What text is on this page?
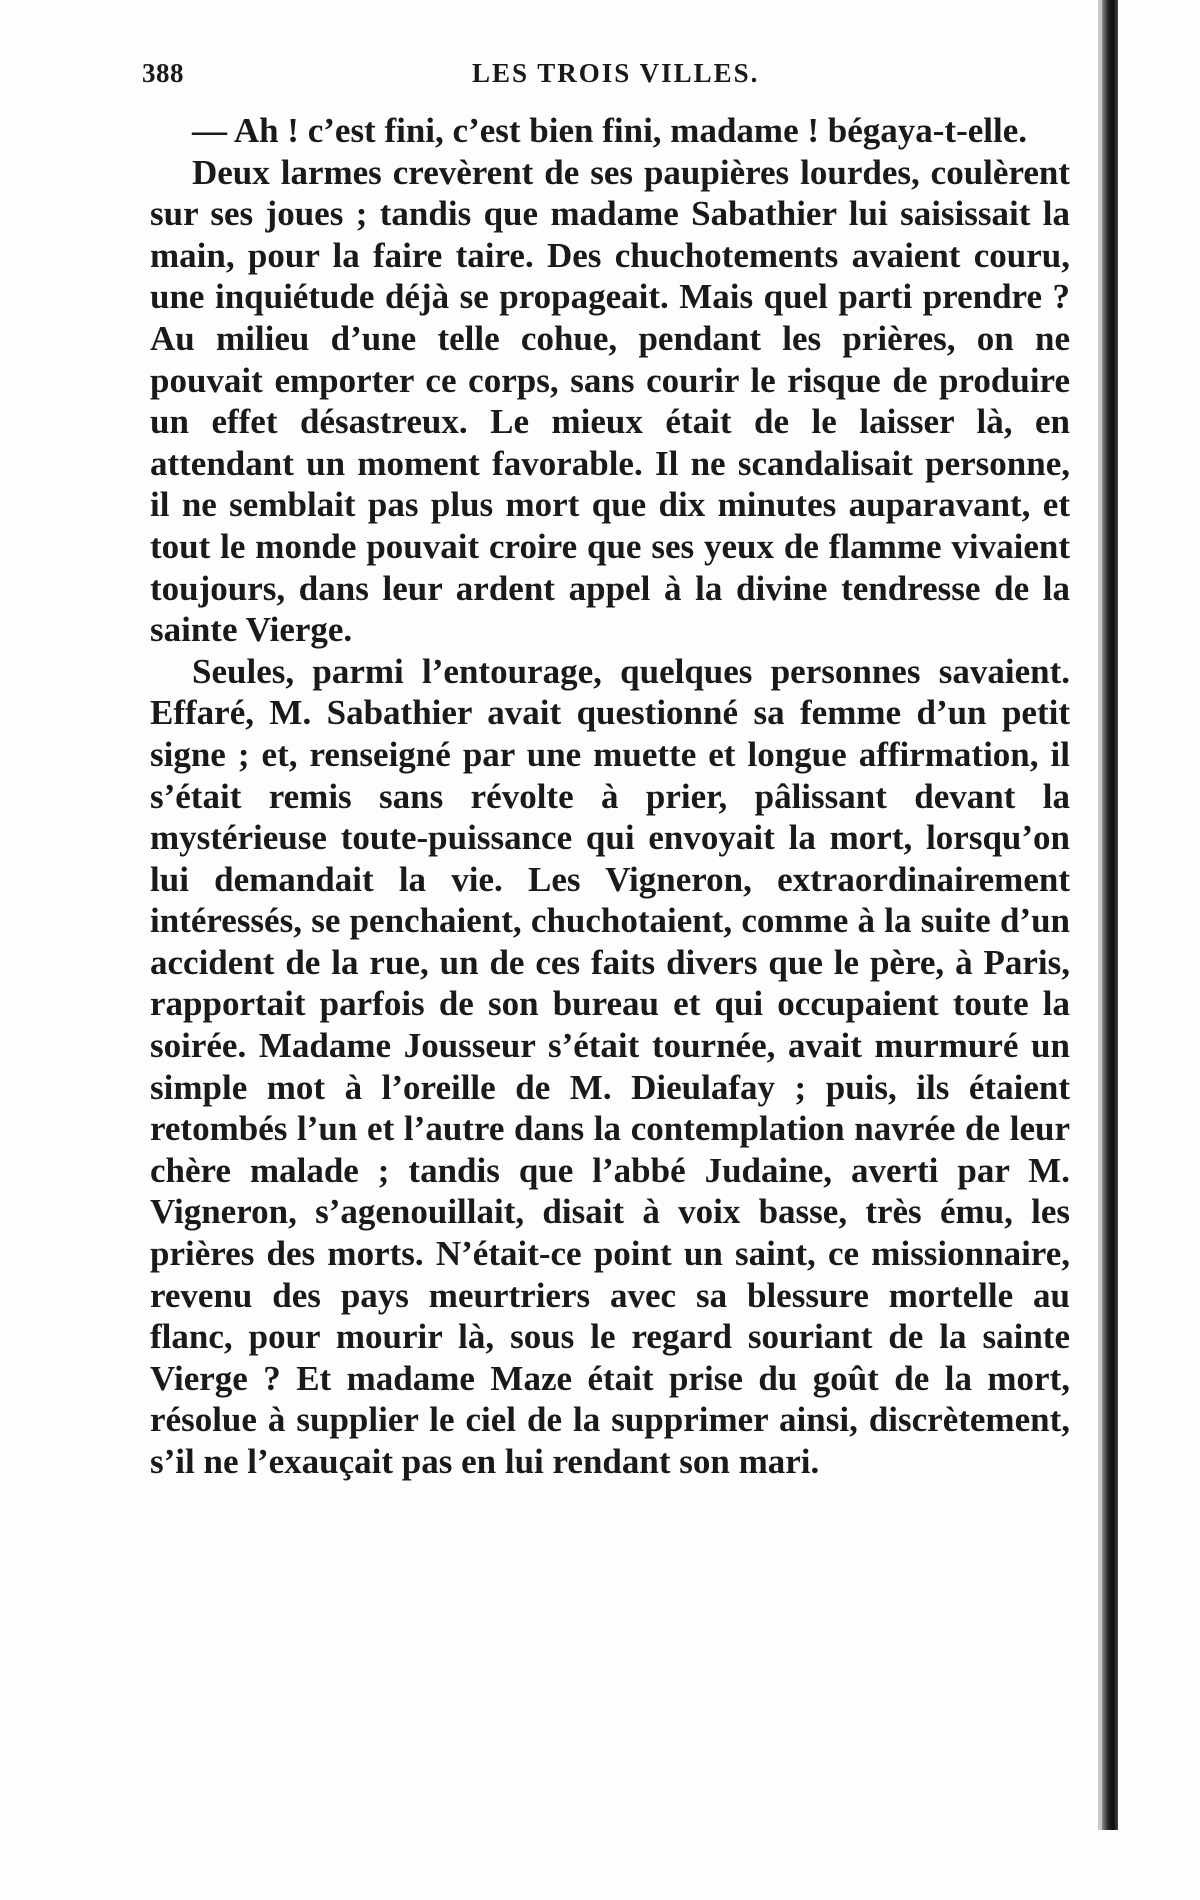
388	LES TROIS VILLES.

— Ah ! c’est fini, c’est bien fini, madame ! bégaya-t-elle.

Deux larmes crevèrent de ses paupières lourdes, coulèrent sur ses joues ; tandis que madame Sabathier lui saisissait la main, pour la faire taire. Des chuchotements avaient couru, une inquiétude déjà se propageait. Mais quel parti prendre ? Au milieu d’une telle cohue, pendant les prières, on ne pouvait emporter ce corps, sans courir le risque de produire un effet désastreux. Le mieux était de le laisser là, en attendant un moment favorable. Il ne scandalisait personne, il ne semblait pas plus mort que dix minutes auparavant, et tout le monde pouvait croire que ses yeux de flamme vivaient toujours, dans leur ardent appel à la divine tendresse de la sainte Vierge.

Seules, parmi l’entourage, quelques personnes savaient. Effaré, M. Sabathier avait questionné sa femme d’un petit signe ; et, renseigné par une muette et longue affirmation, il s’était remis sans révolte à prier, pâlissant devant la mystérieuse toute-puissance qui envoyait la mort, lorsqu’on lui demandait la vie. Les Vigneron, extraordinairement intéressés, se penchaient, chuchotaient, comme à la suite d’un accident de la rue, un de ces faits divers que le père, à Paris, rapportait parfois de son bureau et qui occupaient toute la soirée. Madame Jousseur s’était tournée, avait murmuré un simple mot à l’oreille de M. Dieulafay ; puis, ils étaient retombés l’un et l’autre dans la contemplation navrée de leur chère malade ; tandis que l’abbé Judaine, averti par M. Vigneron, s’agenouillait, disait à voix basse, très ému, les prières des morts. N’était-ce point un saint, ce missionnaire, revenu des pays meurtriers avec sa blessure mortelle au flanc, pour mourir là, sous le regard souriant de la sainte Vierge ? Et madame Maze était prise du goût de la mort, résolue à supplier le ciel de la supprimer ainsi, discrètement, s’il ne l’exauçait pas en lui rendant son mari.
